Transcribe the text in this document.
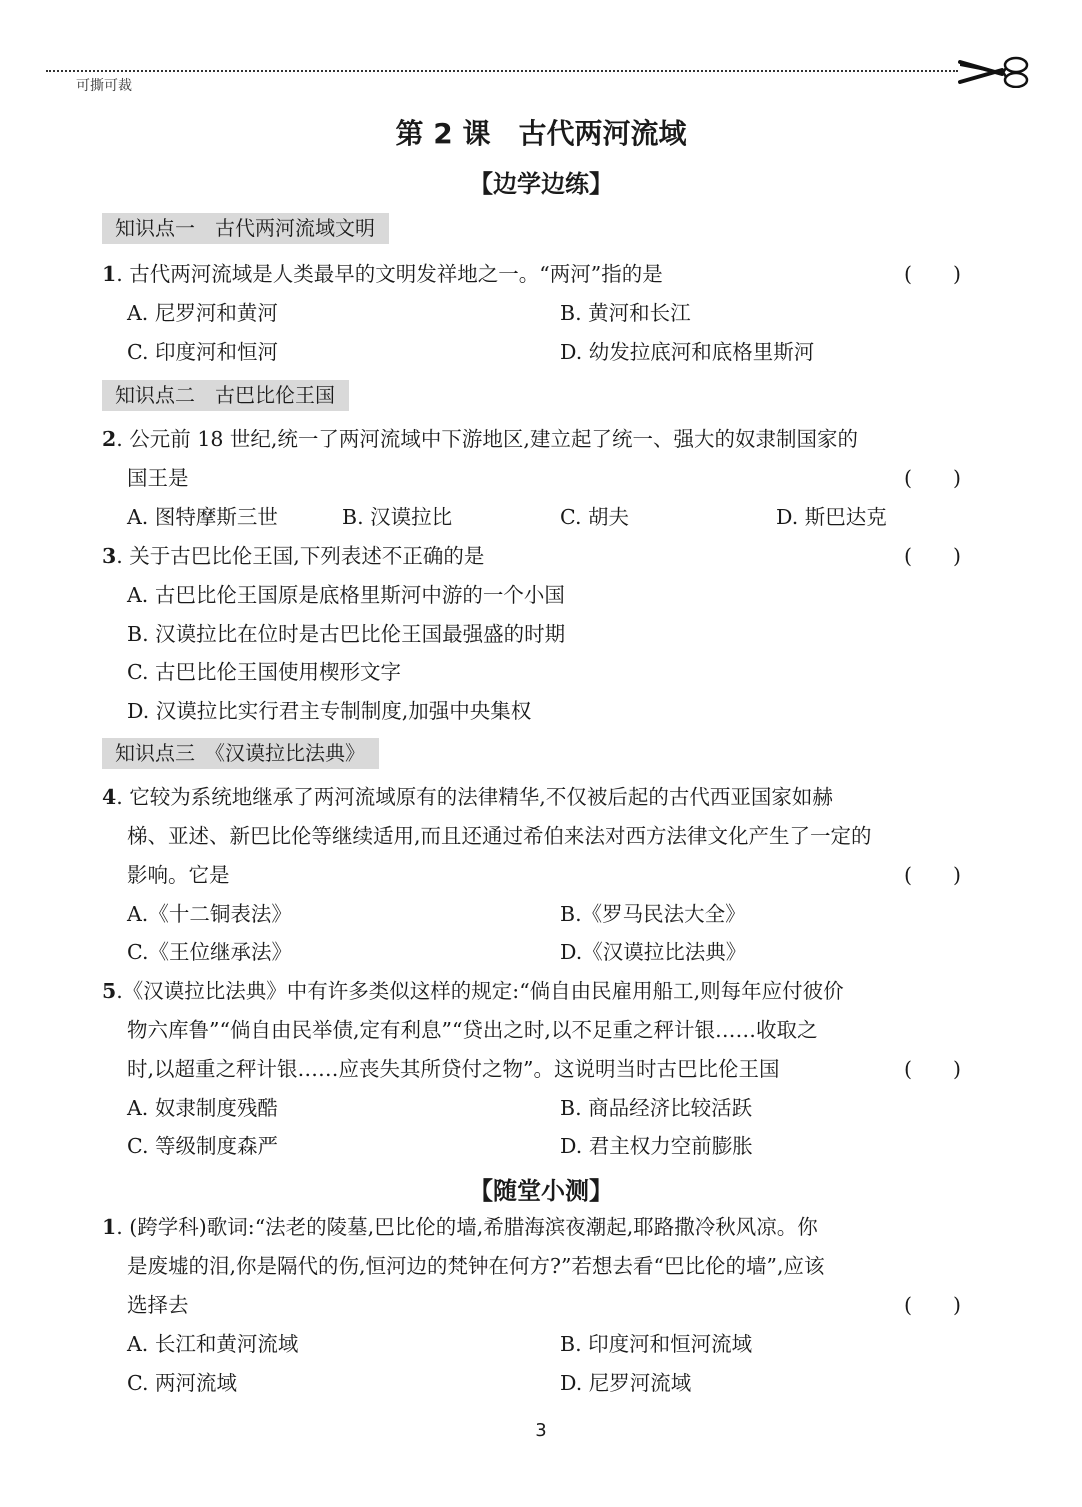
可撕可裁
第 2 课　古代两河流域
【边学边练】
知识点一　古代两河流域文明
1. 古代两河流域是人类最早的文明发祥地之一。“两河”指的是	(　　)
A. 尼罗河和黄河	B. 黄河和长江
C. 印度河和恒河	D. 幼发拉底河和底格里斯河
知识点二　古巴比伦王国
2. 公元前 18 世纪,统一了两河流域中下游地区,建立起了统一、强大的奴隶制国家的
国王是	(　　)
A. 图特摩斯三世	B. 汉谟拉比	C. 胡夫	D. 斯巴达克
3. 关于古巴比伦王国,下列表述不正确的是	(　　)
A. 古巴比伦王国原是底格里斯河中游的一个小国
B. 汉谟拉比在位时是古巴比伦王国最强盛的时期
C. 古巴比伦王国使用楔形文字
D. 汉谟拉比实行君主专制制度,加强中央集权
知识点三　《汉谟拉比法典》
4. 它较为系统地继承了两河流域原有的法律精华,不仅被后起的古代西亚国家如赫
梯、亚述、新巴比伦等继续适用,而且还通过希伯来法对西方法律文化产生了一定的
影响。它是	(　　)
A.《十二铜表法》	B.《罗马民法大全》
C.《王位继承法》	D.《汉谟拉比法典》
5.《汉谟拉比法典》中有许多类似这样的规定:“倘自由民雇用船工,则每年应付彼价
物六库鲁”“倘自由民举债,定有利息”“贷出之时,以不足重之秤计银……收取之
时,以超重之秤计银……应丧失其所贷付之物”。这说明当时古巴比伦王国	(　　)
A. 奴隶制度残酷	B. 商品经济比较活跃
C. 等级制度森严	D. 君主权力空前膨胀
【随堂小测】
1. (跨学科)歌词:“法老的陵墓,巴比伦的墙,希腊海滨夜潮起,耶路撒冷秋风凉。你
是废墟的泪,你是隔代的伤,恒河边的梵钟在何方?”若想去看“巴比伦的墙”,应该
选择去	(　　)
A. 长江和黄河流域	B. 印度河和恒河流域
C. 两河流域	D. 尼罗河流域
3
